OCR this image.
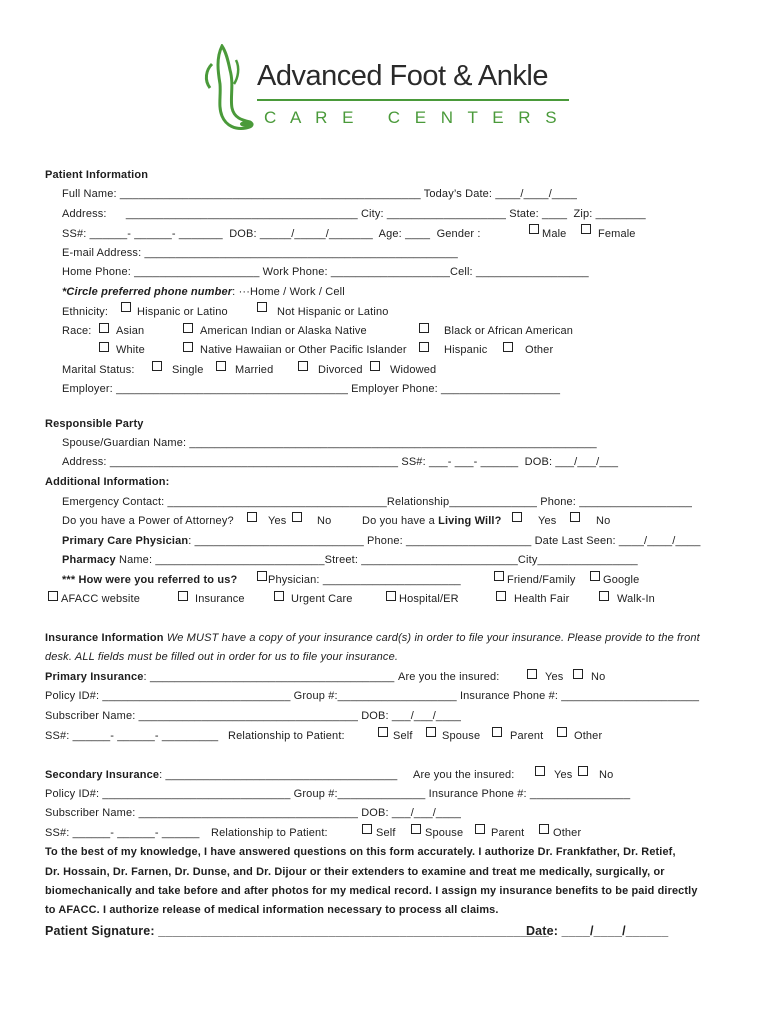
Advanced Foot & Ankle
C A R E   C E N T E R S
Patient Information
Full Name: ________________________________________________ Today’s Date: ____/____/____
Address:      _____________________________________ City: ___________________ State: ____  Zip: ________
SS#: ______- ______- _______  DOB: _____/_____/_______  Age: ____  Gender :	Male	Female
E-mail Address: __________________________________________________
Home Phone: ____________________ Work Phone: ___________________Cell: __________________
*Circle preferred phone number: ···Home / Work / Cell
Ethnicity:	Hispanic or Latino	Not Hispanic or Latino
Race: Asian	American Indian or Alaska Native	Black or African American
White	Native Hawaiian or Other Pacific Islander	Hispanic	Other
Marital Status:	Single	Married	Divorced Widowed
Employer: _____________________________________ Employer Phone: ___________________
Responsible Party
Spouse/Guardian Name: _________________________________________________________________
Address: ______________________________________________ SS#: ___- ___- ______  DOB: ___/___/___
Additional Information:
Emergency Contact: ___________________________________Relationship______________ Phone: __________________
Do you have a Power of Attorney?	Yes	No	Do you have a Living Will?	Yes	No
Primary Care Physician: ___________________________ Phone: ____________________ Date Last Seen: ____/____/____
Pharmacy Name: ___________________________Street: _________________________City________________
*** How were you referred to us?	Physician: ______________________	Friend/Family Google
AFACC website	Insurance	Urgent Care	Hospital/ER	Health Fair	Walk-In
Insurance Information We MUST have a copy of your insurance card(s) in order to file your insurance. Please provide to the front
desk. ALL fields must be filled out in order for us to file your insurance.
Primary Insurance: _______________________________________ Are you the insured:	Yes	No
Policy ID#: ______________________________ Group #:___________________ Insurance Phone #: ______________________
Subscriber Name: ___________________________________ DOB: ___/___/____
SS#: ______- ______- _________ Relationship to Patient:	Self	Spouse	Parent	Other
Secondary Insurance: _____________________________________ Are you the insured:	Yes No
Policy ID#: ______________________________ Group #:______________ Insurance Phone #: ________________
Subscriber Name: ___________________________________ DOB: ___/___/____
SS#: ______- ______- ______ Relationship to Patient:	Self	Spouse	Parent	Other
To the best of my knowledge, I have answered questions on this form accurately. I authorize Dr. Frankfather, Dr. Retief,
Dr. Hossain, Dr. Farnen, Dr. Dunse, and Dr. Dijour or their extenders to examine and treat me medically, surgically, or
biomechanically and take before and after photos for my medical record. I assign my insurance benefits to be paid directly
to AFACC. I authorize release of medical information necessary to process all claims.
Patient Signature: _______________________________________________________
Date: ____/____/______
